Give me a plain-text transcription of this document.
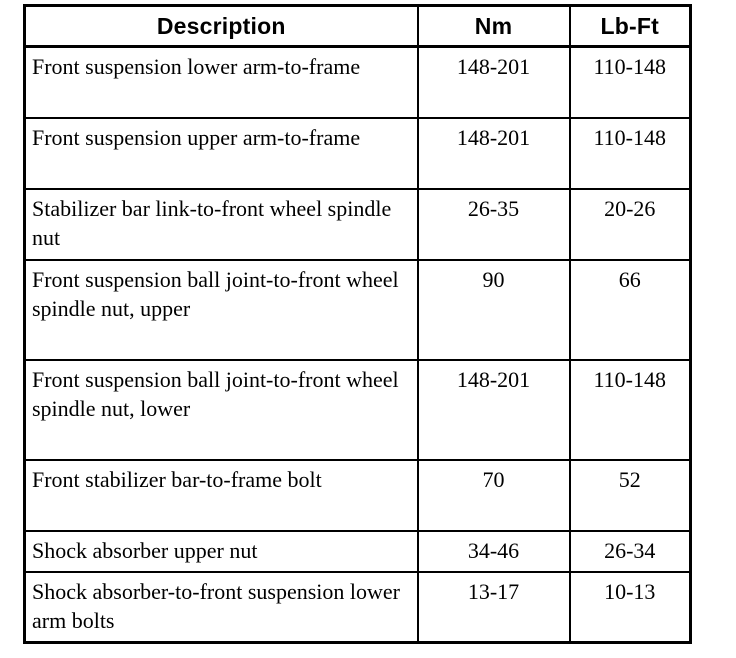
Description	Nm	Lb-Ft
Front suspension lower arm-to-frame	148-201	110-148
Front suspension upper arm-to-frame	148-201	110-148
Stabilizer bar link-to-front wheel spindle nut	26-35	20-26
Front suspension ball joint-to-front wheel spindle nut, upper	90	66
Front suspension ball joint-to-front wheel spindle nut, lower	148-201	110-148
Front stabilizer bar-to-frame bolt	70	52
Shock absorber upper nut	34-46	26-34
Shock absorber-to-front suspension lower arm bolts	13-17	10-13
